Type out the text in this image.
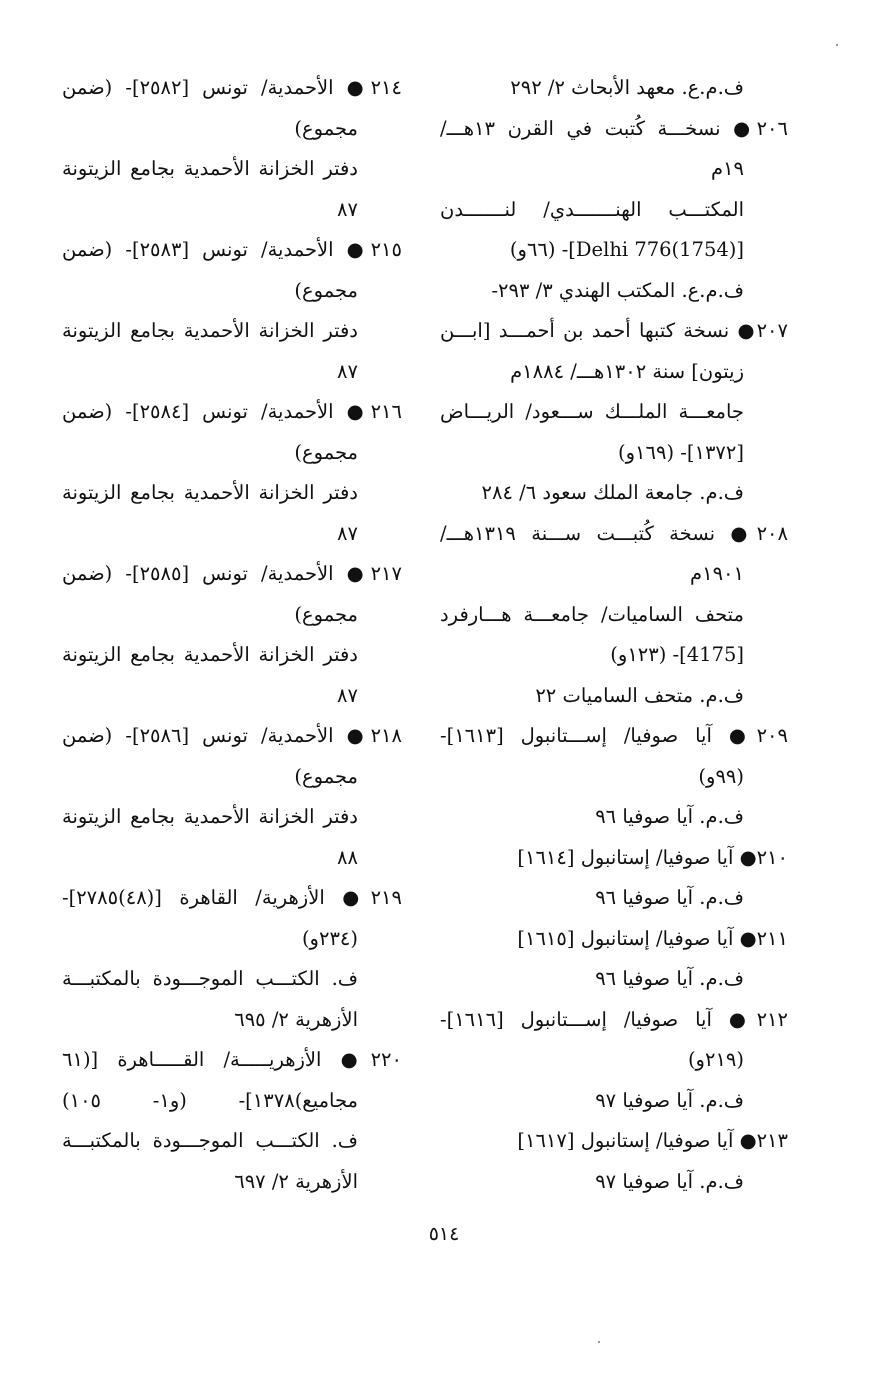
ف.م.ع. معهد الأبحاث ٢/ ٢٩٢
٢٠٦● نسخـــة كُتبت في القرن ١٣هـــ/
١٩م
المكتـــب الهنـــــــدي/ لنـــــــدن
[Delhi 776(1754)]- (٦٦و)
ف.م.ع. المكتب الهندي ٣/ ٢٩٣-
٢٠٧● نسخة كتبها أحمد بن أحمـــد [ابـــن
زيتون] سنة ١٣٠٢هـــ/ ١٨٨٤م
جامعـــة الملـــك ســـعود/ الريـــاض
[١٣٧٢]- (١٦٩و)
ف.م. جامعة الملك سعود ٦/ ٢٨٤
٢٠٨● نسخة كُتبـــت ســـنة ١٣١٩هـــ/
١٩٠١م
متحف الساميات/ جامعـــة هـــارفرد
[4175]- (١٢٣و)
ف.م. متحف الساميات ٢٢
٢٠٩● آيا صوفيا/ إســـتانبول [١٦١٣]-
(٩٩و)
ف.م. آيا صوفيا ٩٦
٢١٠● آيا صوفيا/ إستانبول [١٦١٤]
ف.م. آيا صوفيا ٩٦
٢١١● آيا صوفيا/ إستانبول [١٦١٥]
ف.م. آيا صوفيا ٩٦
٢١٢● آيا صوفيا/ إســـتانبول [١٦١٦]-
(٢١٩و)
ف.م. آيا صوفيا ٩٧
٢١٣● آيا صوفيا/ إستانبول [١٦١٧]
ف.م. آيا صوفيا ٩٧
٢١٤● الأحمدية/ تونس [٢٥٨٢]- (ضمن
مجموع)
دفتر الخزانة الأحمدية بجامع الزيتونة
٨٧
٢١٥● الأحمدية/ تونس [٢٥٨٣]- (ضمن
مجموع)
دفتر الخزانة الأحمدية بجامع الزيتونة
٨٧
٢١٦● الأحمدية/ تونس [٢٥٨٤]- (ضمن
مجموع)
دفتر الخزانة الأحمدية بجامع الزيتونة
٨٧
٢١٧● الأحمدية/ تونس [٢٥٨٥]- (ضمن
مجموع)
دفتر الخزانة الأحمدية بجامع الزيتونة
٨٧
٢١٨● الأحمدية/ تونس [٢٥٨٦]- (ضمن
مجموع)
دفتر الخزانة الأحمدية بجامع الزيتونة
٨٨
٢١٩● الأزهرية/ القاهرة [(٤٨)٢٧٨٥]-
(٢٣٤و)
ف. الكتـــب الموجـــودة بالمكتبـــة
الأزهرية ٢/ ٦٩٥
٢٢٠● الأزهريـــــة/ القـــــاهرة [(٦١
مجاميع)١٣٧٨]- (و١- ١٠٥)
ف. الكتـــب الموجـــودة بالمكتبـــة
الأزهرية ٢/ ٦٩٧
٥١٤
